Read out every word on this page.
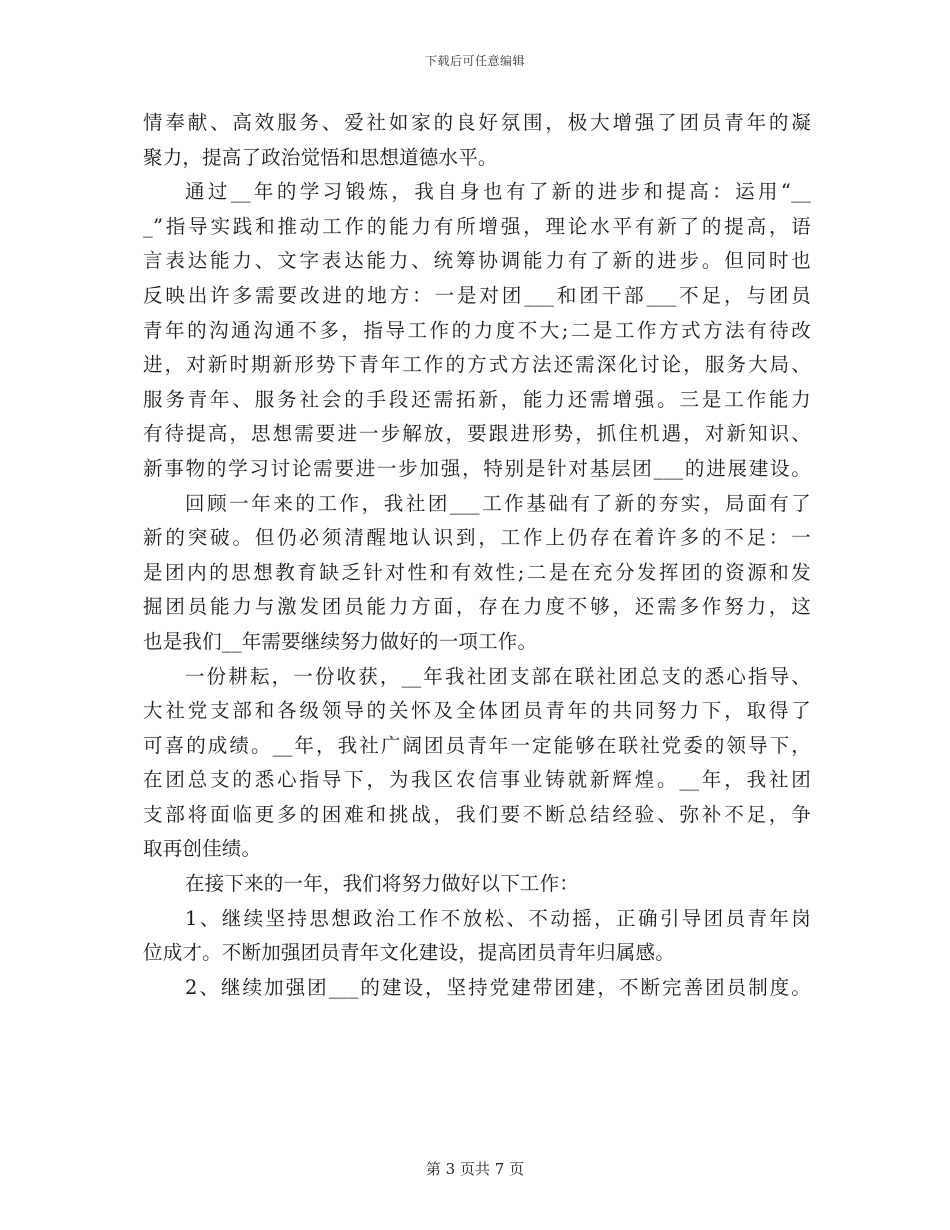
下载后可任意编辑
情奉献、高效服务、爱社如家的良好氛围，极大增强了团员青年的凝
聚力，提高了政治觉悟和思想道德水平。
通过__年的学习锻炼，我自身也有了新的进步和提高：运用“__
_”指导实践和推动工作的能力有所增强，理论水平有新了的提高，语
言表达能力、文字表达能力、统筹协调能力有了新的进步。但同时也
反映出许多需要改进的地方：一是对团___和团干部___不足，与团员
青年的沟通沟通不多，指导工作的力度不大;二是工作方式方法有待改
进，对新时期新形势下青年工作的方式方法还需深化讨论，服务大局、
服务青年、服务社会的手段还需拓新，能力还需增强。三是工作能力
有待提高，思想需要进一步解放，要跟进形势，抓住机遇，对新知识、
新事物的学习讨论需要进一步加强，特别是针对基层团___的进展建设。
回顾一年来的工作，我社团___工作基础有了新的夯实，局面有了
新的突破。但仍必须清醒地认识到，工作上仍存在着许多的不足：一
是团内的思想教育缺乏针对性和有效性;二是在充分发挥团的资源和发
掘团员能力与激发团员能力方面，存在力度不够，还需多作努力，这
也是我们__年需要继续努力做好的一项工作。
一份耕耘，一份收获，__年我社团支部在联社团总支的悉心指导、
大社党支部和各级领导的关怀及全体团员青年的共同努力下，取得了
可喜的成绩。__年，我社广阔团员青年一定能够在联社党委的领导下，
在团总支的悉心指导下，为我区农信事业铸就新辉煌。__年，我社团
支部将面临更多的困难和挑战，我们要不断总结经验、弥补不足，争
取再创佳绩。
在接下来的一年，我们将努力做好以下工作：
1、继续坚持思想政治工作不放松、不动摇，正确引导团员青年岗
位成才。不断加强团员青年文化建设，提高团员青年归属感。
2、继续加强团___的建设，坚持党建带团建，不断完善团员制度。
第 3 页共 7 页
